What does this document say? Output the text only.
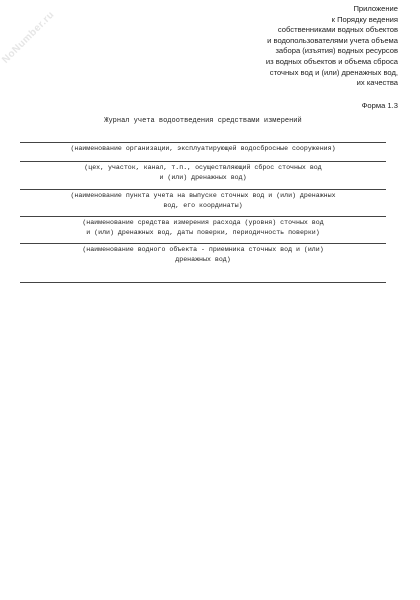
NoNumber.ru
Приложение
к Порядку ведения
собственниками водных объектов
и водопользователями учета объема
забора (изъятия) водных ресурсов
из водных объектов и объема сброса
сточных вод и (или) дренажных вод,
их качества
Форма 1.3
Журнал учета водоотведения средствами измерений
(наименование организации, эксплуатирующей водосбросные сооружения)
(цех, участок, канал, т.п., осуществляющий сброс сточных вод
и (или) дренажных вод)
(наименование пункта учета на выпуске сточных вод и (или) дренажных
вод, его координаты)
(наименование средства измерения расхода (уровня) сточных вод
и (или) дренажных вод, даты поверки, периодичность поверки)
(наименование водного объекта - приемника сточных вод и (или)
дренажных вод)
